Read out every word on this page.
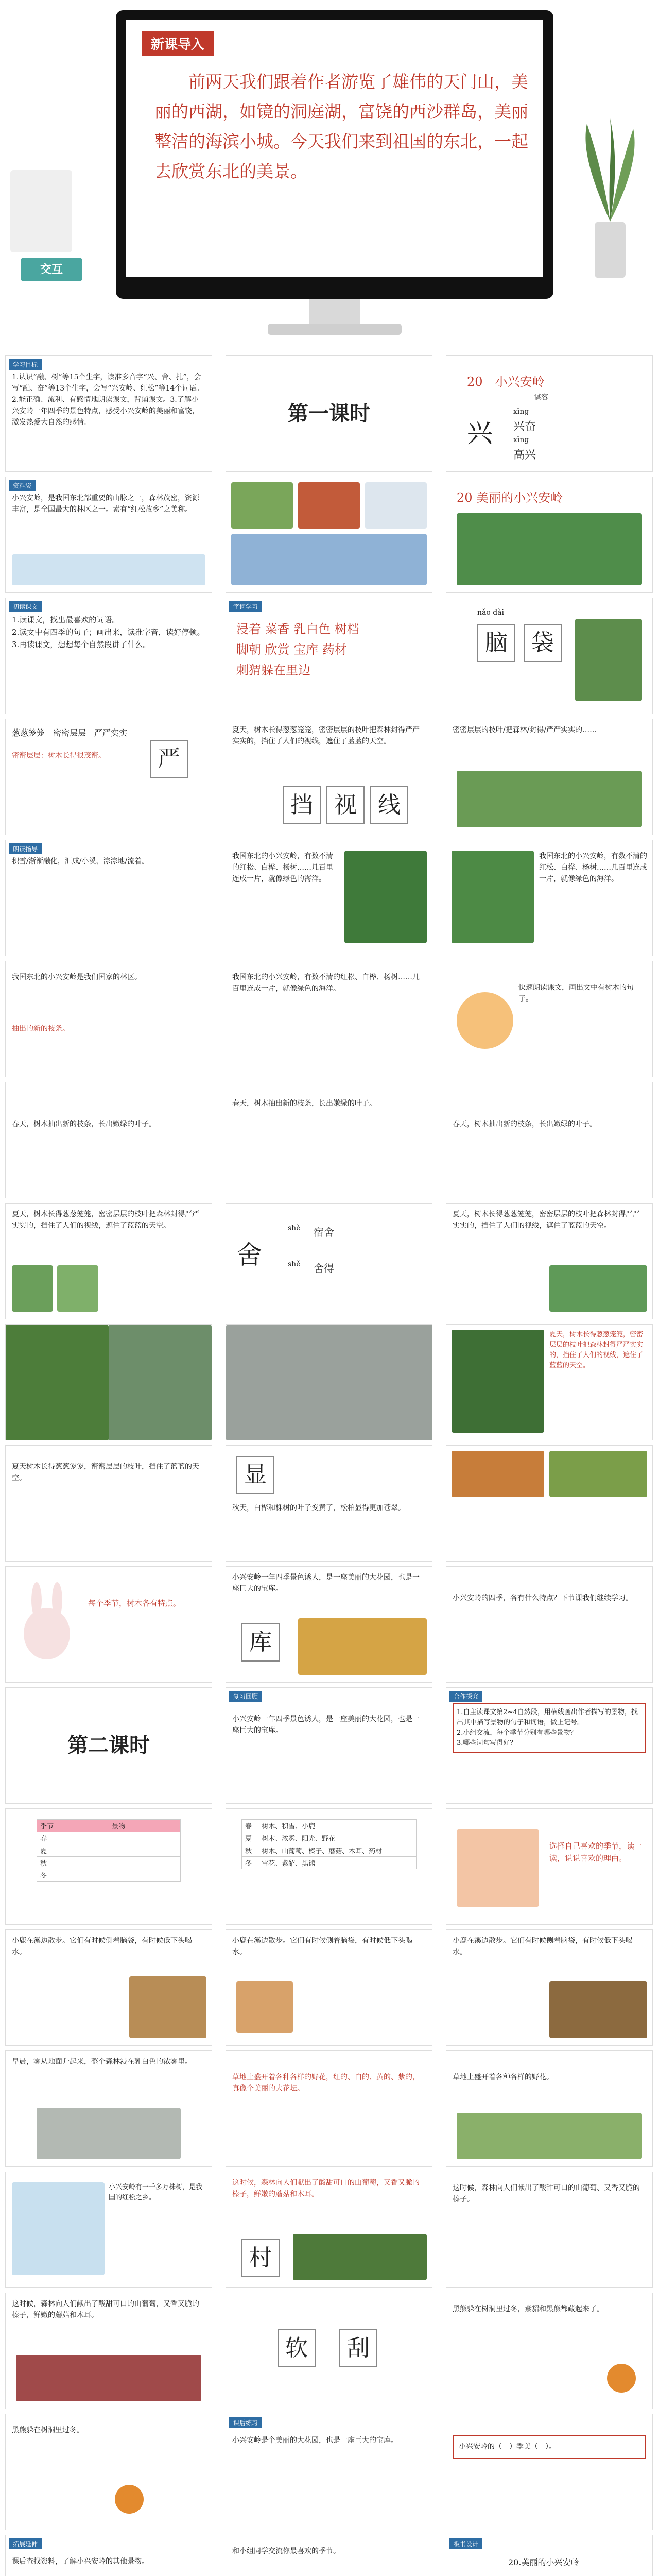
新课导入
前两天我们跟着作者游览了雄伟的天门山，美丽的西湖，如镜的洞庭湖，富饶的西沙群岛，美丽整洁的海滨小城。今天我们来到祖国的东北，一起去欣赏东北的美景。
交互
学习目标
1.认识“融、树”等15个生字，读准多音字“兴、舍、扎”，会写“融、奋”等13个生字，会写“兴安岭、红松”等14个词语。2.能正确、流利、有感情地朗读课文，背诵课文。3.了解小兴安岭一年四季的景色特点，感受小兴安岭的美丽和富饶，激发热爱大自然的感情。	第一课时
20　小兴安岭
谌容
兴
xīng
兴奋
xīng
高兴
资料袋
小兴安岭，是我国东北部重要的山脉之一，森林茂密，资源丰富，是全国最大的林区之一。素有“红松故乡”之美称。
20 美丽的小兴安岭
初读课文
1.读课文，找出最喜欢的词语。
2.读文中有四季的句子；画出来，读准字音，读好停顿。
3.再读课文，想想每个自然段讲了什么。
字词学习
浸着 菜香 乳白色 树档
脚朝 欣赏 宝库 药材
刺猬躲在里边
nǎo dài
脑	袋
葱葱笼笼　密密层层　严严实实
严
密密层层：树木长得很茂密。
夏天，树木长得葱葱笼笼，密密层层的枝叶把森林封得严严实实的，挡住了人们的视线，遮住了蓝蓝的天空。
挡 视 线
密密层层的枝叶/把森林/封得/严严实实的……
朗读指导
积雪/渐渐融化，汇成/小溪，淙淙地/流着。
我国东北的小兴安岭，有数不清的红松、白桦、杨树……几百里连成一片，就像绿色的海洋。
我国东北的小兴安岭，有数不清的红松、白桦、杨树……几百里连成一片，就像绿色的海洋。
我国东北的小兴安岭是我们国家的林区。
抽出的新的枝条。
我国东北的小兴安岭，有数不清的红松、白桦、杨树……几百里连成一片，就像绿色的海洋。	快速朗读课文，画出文中有树木的句子。
春天，树木抽出新的枝条，长出嫩绿的叶子。
春天，树木抽出新的枝条，长出嫩绿的叶子。
春天，树木抽出新的枝条，长出嫩绿的叶子。
夏天，树木长得葱葱笼笼，密密层层的枝叶把森林封得严严实实的，挡住了人们的视线，遮住了蓝蓝的天空。
舍
shè 宿舍
shě 舍得
夏天，树木长得葱葱笼笼，密密层层的枝叶把森林封得严严实实的，挡住了人们的视线，遮住了蓝蓝的天空。
夏天，树木长得葱葱笼笼，密密层层的枝叶把森林封得严严实实的，挡住了人们的视线，遮住了蓝蓝的天空。
夏天树木长得葱葱笼笼，密密层层的枝叶，挡住了蓝蓝的天空。	显
秋天，白桦和栎树的叶子变黄了，松柏显得更加苍翠。
每个季节，树木各有特点。
库
小兴安岭一年四季景色诱人，是一座美丽的大花园，也是一座巨大的宝库。
小兴安岭的四季，各有什么特点？下节课我们继续学习。
第二课时
复习回顾
小兴安岭一年四季景色诱人，是一座美丽的大花园，也是一座巨大的宝库。
合作探究
1.自主读课文第2~4自然段，用横线画出作者描写的景物，找出其中描写景物的句子和词语，做上记号。
2.小组交流，每个季节分别有哪些景物？
3.哪些词句写得好？
季节	景物
春	
夏	
秋	
冬	
春	树木、积雪、小鹿
夏	树木、浓雾、阳光、野花
秋	树木、山葡萄、榛子、蘑菇、木耳、药材
冬	雪花、紫貂、黑熊
选择自己喜欢的季节，读一读，说说喜欢的理由。
小鹿在溪边散步。它们有时候侧着脑袋，有时候低下头喝水。
小鹿在溪边散步。它们有时候侧着脑袋，有时候低下头喝水。
小鹿在溪边散步。它们有时候侧着脑袋，有时候低下头喝水。
早晨，雾从地面升起来，整个森林浸在乳白色的浓雾里。
草地上盛开着各种各样的野花，红的、白的、黄的、紫的，真像个美丽的大花坛。
草地上盛开着各种各样的野花。
小兴安岭有一千多万株树，是我国的红松之乡。
这时候，森林向人们献出了酸甜可口的山葡萄，又香又脆的榛子，鲜嫩的蘑菇和木耳。
村
这时候，森林向人们献出了酸甜可口的山葡萄、又香又脆的榛子。
这时候，森林向人们献出了酸甜可口的山葡萄，又香又脆的榛子，鲜嫩的蘑菇和木耳。
软	刮
黑熊躲在树洞里过冬，紫貂和黑熊都藏起来了。
黑熊躲在树洞里过冬。
课后练习
小兴安岭是个美丽的大花园，也是一座巨大的宝库。
小兴安岭的（　）季美（　）。
拓展延伸
课后查找资料，了解小兴安岭的其他景物。
和小组同学交流你最喜欢的季节。
板书设计
20.美丽的小兴安岭
